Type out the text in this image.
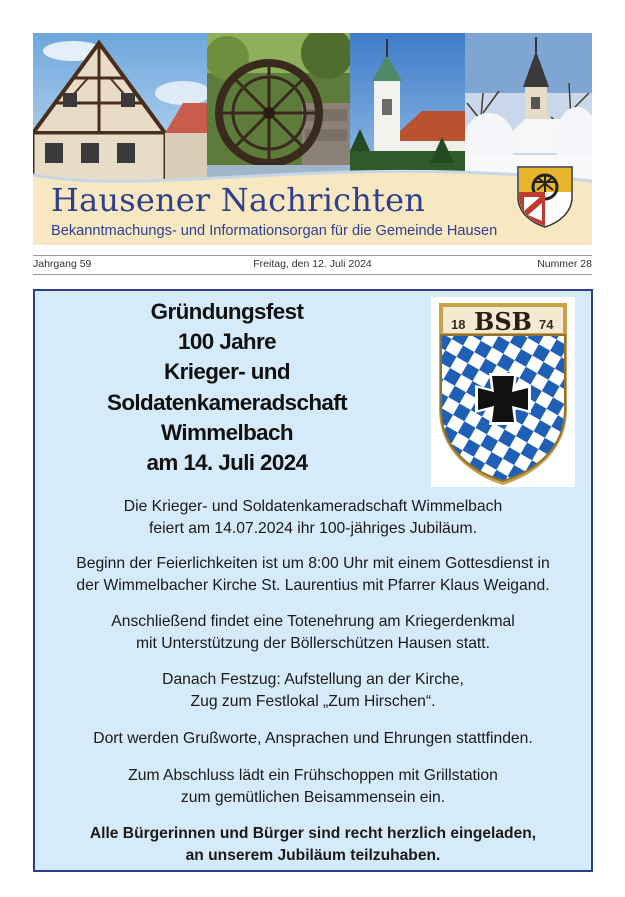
Hausener Nachrichten

Bekanntmachungs- und Informationsorgan für die Gemeinde Hausen

Jahrgang 59	Freitag, den 12. Juli 2024	Nummer 28
Gründungsfest
100 Jahre
Krieger- und
Soldatenkameradschaft
Wimmelbach
am 14. Juli 2024
18 BSB 74

Die Krieger- und Soldatenkameradschaft Wimmelbach
feiert am 14.07.2024 ihr 100-jähriges Jubiläum.

Beginn der Feierlichkeiten ist um 8:00 Uhr mit einem Gottesdienst in
der Wimmelbacher Kirche St. Laurentius mit Pfarrer Klaus Weigand.

Anschließend findet eine Totenehrung am Kriegerdenkmal
mit Unterstützung der Böllerschützen Hausen statt.

Danach Festzug: Aufstellung an der Kirche,
Zug zum Festlokal „Zum Hirschen“.

Dort werden Grußworte, Ansprachen und Ehrungen stattfinden.

Zum Abschluss lädt ein Frühschoppen mit Grillstation
zum gemütlichen Beisammensein ein.

Alle Bürgerinnen und Bürger sind recht herzlich eingeladen,
an unserem Jubiläum teilzuhaben.
